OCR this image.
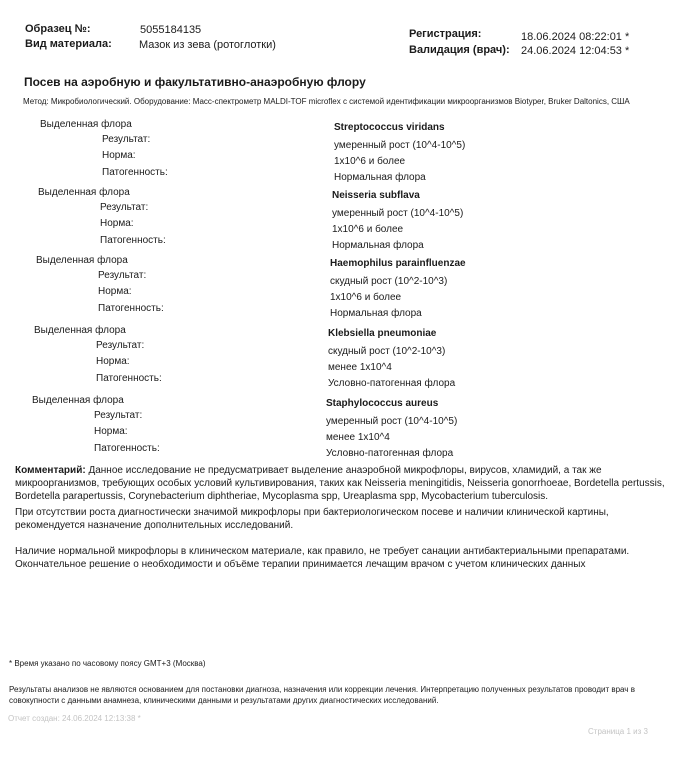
Образец №:	5055184135
Вид материала: Мазок из зева (ротоглотки)
Регистрация:	18.06.2024 08:22:01 *
Валидация (врач): 24.06.2024 12:04:53 *
Посев на аэробную и факультативно-анаэробную флору
Метод: Микробиологический. Оборудование: Масс-спектрометр MALDI-TOF microflex с системой идентификации микроорганизмов Biotyper, Bruker Daltonics, США
Выделенная флора
Результат:
Норма:
Патогенность:
Streptococcus viridans
умеренный рост (10^4-10^5)
1x10^6 и более
Нормальная флора
Выделенная флора
Результат:
Норма:
Патогенность:
Neisseria subflava
умеренный рост (10^4-10^5)
1x10^6 и более
Нормальная флора
Выделенная флора
Результат:
Норма:
Патогенность:
Haemophilus parainfluenzae
скудный рост (10^2-10^3)
1x10^6 и более
Нормальная флора
Выделенная флора
Результат:
Норма:
Патогенность:
Klebsiella pneumoniae
скудный рост (10^2-10^3)
менее 1x10^4
Условно-патогенная флора
Выделенная флора
Результат:
Норма:
Патогенность:
Staphylococcus aureus
умеренный рост (10^4-10^5)
менее 1x10^4
Условно-патогенная флора
Комментарий: Данное исследование не предусматривает выделение анаэробной микрофлоры, вирусов, хламидий, а так же микроорганизмов, требующих особых условий культивирования, таких как Neisseria meningitidis, Neisseria gonorrhoeae, Bordetella pertussis, Bordetella parapertussis, Corynebacterium diphtheriae, Mycoplasma spp, Ureaplasma spp, Mycobacterium tuberculosis.
При отсутствии роста диагностически значимой микрофлоры при бактериологическом посеве и наличии клинической картины, рекомендуется назначение дополнительных исследований.
Наличие нормальной микрофлоры в клиническом материале, как правило, не требует санации антибактериальными препаратами.
Окончательное решение о необходимости и объёме терапии принимается лечащим врачом с учетом клинических данных
* Время указано по часовому поясу GMT+3 (Москва)
Результаты анализов не являются основанием для постановки диагноза, назначения или коррекции лечения. Интерпретацию полученных результатов проводит врач в совокупности с данными анамнеза, клиническими данными и результатами других диагностических исследований.
Отчет создан: 24.06.2024 12:13:38 *
Страница 1 из 3
